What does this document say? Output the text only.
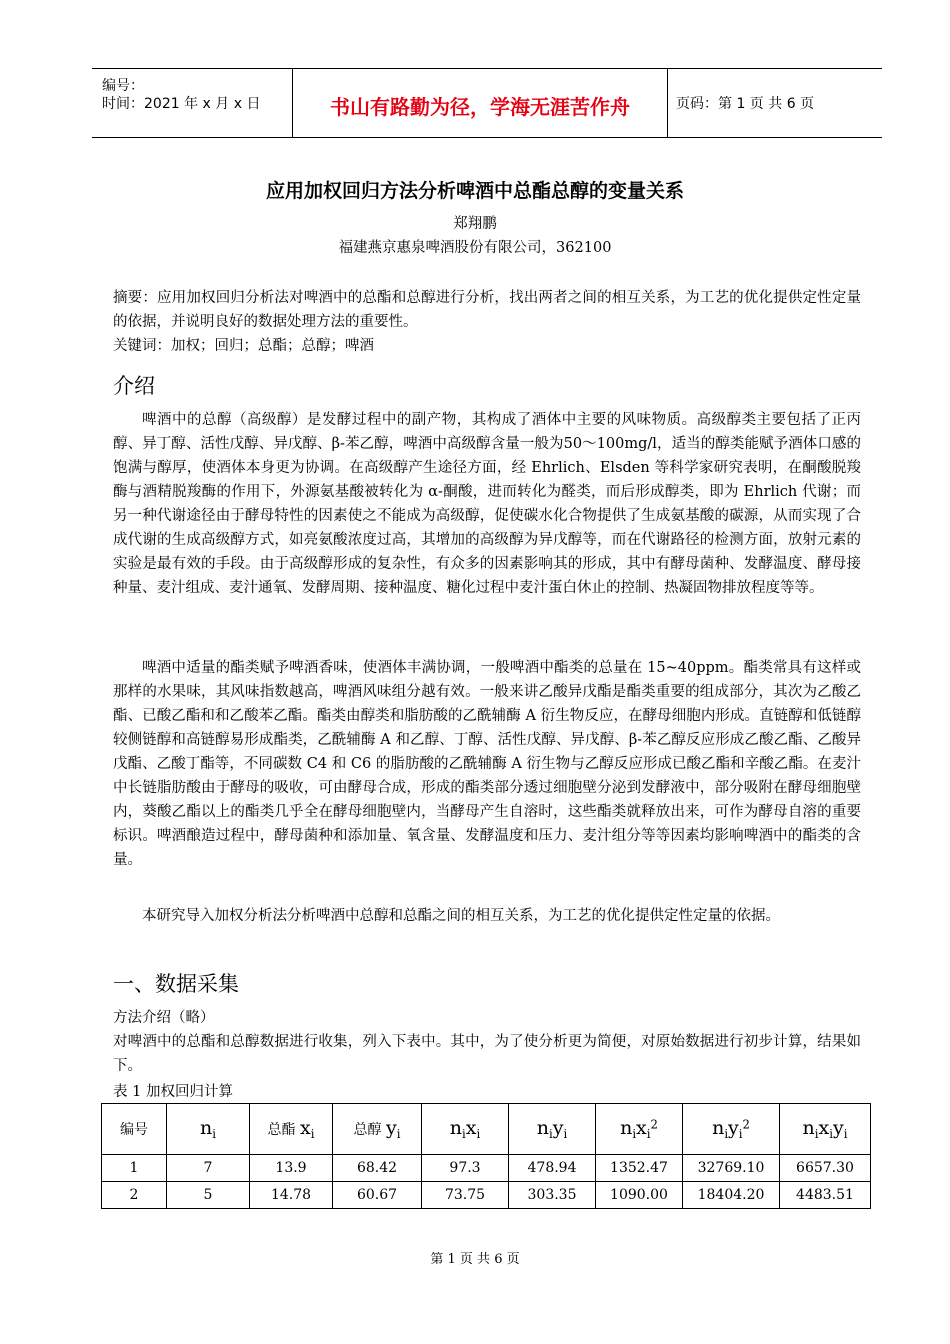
编号：
时间：2021 年 x 月 x 日	书山有路勤为径，学海无涯苦作舟	页码：第 1 页 共 6 页
应用加权回归方法分析啤酒中总酯总醇的变量关系
郑翔鹏
福建燕京惠泉啤酒股份有限公司，362100
摘要：应用加权回归分析法对啤酒中的总酯和总醇进行分析，找出两者之间的相互关系，为工艺的优化提供定性定量的依据，并说明良好的数据处理方法的重要性。
关键词：加权；回归；总酯；总醇；啤酒
介绍
啤酒中的总醇（高级醇）是发酵过程中的副产物，其构成了酒体中主要的风味物质。高级醇类主要包括了正丙醇、异丁醇、活性戊醇、异戊醇、β-苯乙醇，啤酒中高级醇含量一般为50～100mg/l，适当的醇类能赋予酒体口感的饱满与醇厚，使酒体本身更为协调。在高级醇产生途径方面，经 Ehrlich、Elsden 等科学家研究表明，在酮酸脱羧酶与酒精脱羧酶的作用下，外源氨基酸被转化为 α-酮酸，进而转化为醛类，而后形成醇类，即为 Ehrlich 代谢；而另一种代谢途径由于酵母特性的因素使之不能成为高级醇，促使碳水化合物提供了生成氨基酸的碳源，从而实现了合成代谢的生成高级醇方式，如亮氨酸浓度过高，其增加的高级醇为异戊醇等，而在代谢路径的检测方面，放射元素的实验是最有效的手段。由于高级醇形成的复杂性，有众多的因素影响其的形成，其中有酵母菌种、发酵温度、酵母接种量、麦汁组成、麦汁通氧、发酵周期、接种温度、糖化过程中麦汁蛋白休止的控制、热凝固物排放程度等等。
啤酒中适量的酯类赋予啤酒香味，使酒体丰满协调，一般啤酒中酯类的总量在 15~40ppm。酯类常具有这样或那样的水果味，其风味指数越高，啤酒风味组分越有效。一般来讲乙酸异戊酯是酯类重要的组成部分，其次为乙酸乙酯、已酸乙酯和和乙酸苯乙酯。酯类由醇类和脂肪酸的乙酰辅酶 A 衍生物反应，在酵母细胞内形成。直链醇和低链醇较侧链醇和高链醇易形成酯类，乙酰辅酶 A 和乙醇、丁醇、活性戊醇、异戊醇、β-苯乙醇反应形成乙酸乙酯、乙酸异戊酯、乙酸丁酯等，不同碳数 C4 和 C6 的脂肪酸的乙酰辅酶 A 衍生物与乙醇反应形成已酸乙酯和辛酸乙酯。在麦汁中长链脂肪酸由于酵母的吸收，可由酵母合成，形成的酯类部分透过细胞壁分泌到发酵液中，部分吸附在酵母细胞壁内，葵酸乙酯以上的酯类几乎全在酵母细胞壁内，当酵母产生自溶时，这些酯类就释放出来，可作为酵母自溶的重要标识。啤酒酿造过程中，酵母菌种和添加量、氧含量、发酵温度和压力、麦汁组分等等因素均影响啤酒中的酯类的含量。
本研究导入加权分析法分析啤酒中总醇和总酯之间的相互关系，为工艺的优化提供定性定量的依据。
一、数据采集
方法介绍（略）
对啤酒中的总酯和总醇数据进行收集，列入下表中。其中，为了使分析更为简便，对原始数据进行初步计算，结果如下。
表 1 加权回归计算
编号	$n_i$	总酯 $x_i$	总醇 $y_i$	$n_ix_i$	$n_iy_i$	$n_ix_i^2$	$n_iy_i^2$	$n_ix_iy_i$
1	7	13.9	68.42	97.3	478.94	1352.47	32769.10	6657.30
2	5	14.78	60.67	73.75	303.35	1090.00	18404.20	4483.51
第 1 页 共 6 页
